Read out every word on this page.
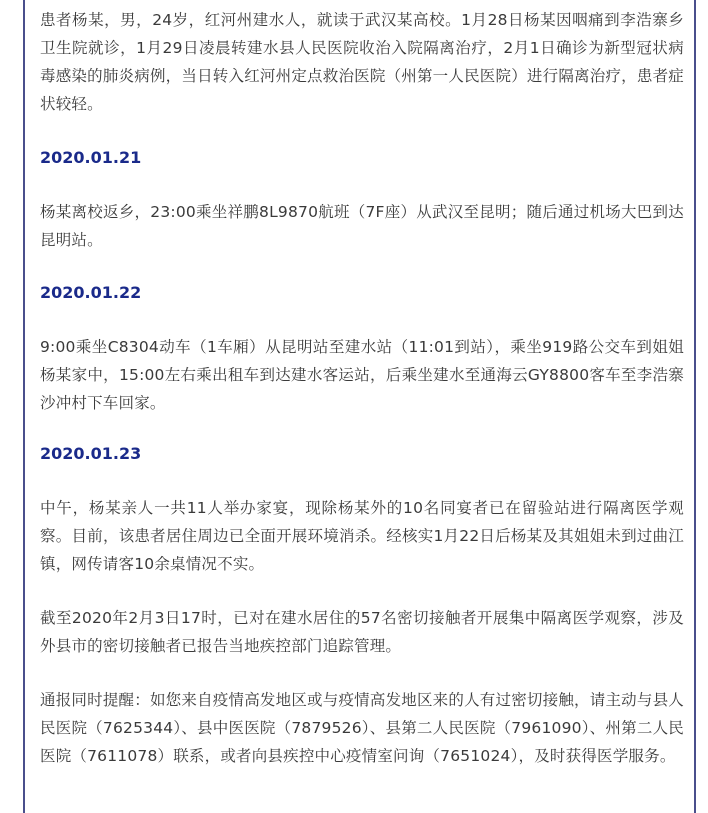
患者杨某，男，24岁，红河州建水人，就读于武汉某高校。1月28日杨某因咽痛到李浩寨乡卫生院就诊，1月29日凌晨转建水县人民医院收治入院隔离治疗，2月1日确诊为新型冠状病毒感染的肺炎病例，当日转入红河州定点救治医院（州第一人民医院）进行隔离治疗，患者症状较轻。

2020.01.21

杨某离校返乡，23:00乘坐祥鹏8L9870航班（7F座）从武汉至昆明；随后通过机场大巴到达昆明站。

2020.01.22

9:00乘坐C8304动车（1车厢）从昆明站至建水站（11:01到站），乘坐919路公交车到姐姐杨某家中，15:00左右乘出租车到达建水客运站，后乘坐建水至通海云GY8800客车至李浩寨沙冲村下车回家。

2020.01.23

中午，杨某亲人一共11人举办家宴，现除杨某外的10名同宴者已在留验站进行隔离医学观察。目前，该患者居住周边已全面开展环境消杀。经核实1月22日后杨某及其姐姐未到过曲江镇，网传请客10余桌情况不实。

截至2020年2月3日17时，已对在建水居住的57名密切接触者开展集中隔离医学观察，涉及外县市的密切接触者已报告当地疾控部门追踪管理。

通报同时提醒：如您来自疫情高发地区或与疫情高发地区来的人有过密切接触，请主动与县人民医院（7625344）、县中医医院（7879526）、县第二人民医院（7961090）、州第二人民医院（7611078）联系，或者向县疾控中心疫情室问询（7651024），及时获得医学服务。
